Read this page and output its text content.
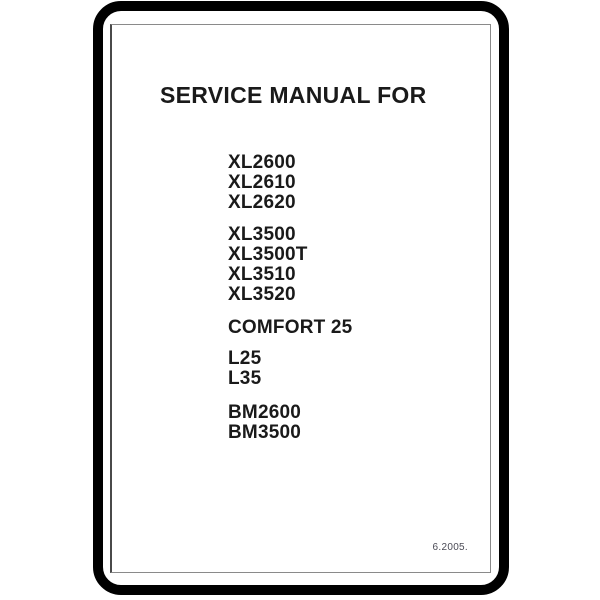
SERVICE MANUAL FOR
XL2600
XL2610
XL2620
XL3500
XL3500T
XL3510
XL3520
COMFORT 25
L25
L35
BM2600
BM3500
6.2005.
